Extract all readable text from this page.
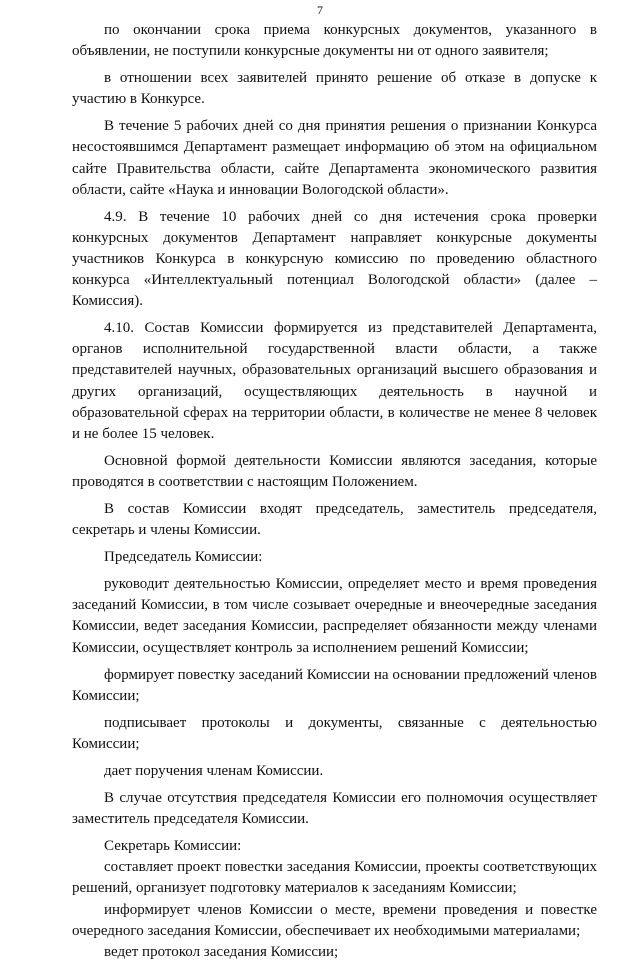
7

по окончании срока приема конкурсных документов, указанного в объявлении, не поступили конкурсные документы ни от одного заявителя;

в отношении всех заявителей принято решение об отказе в допуске к участию в Конкурсе.

В течение 5 рабочих дней со дня принятия решения о признании Конкурса несостоявшимся Департамент размещает информацию об этом на официальном сайте Правительства области, сайте Департамента экономического развития области, сайте «Наука и инновации Вологодской области».

4.9. В течение 10 рабочих дней со дня истечения срока проверки конкурсных документов Департамент направляет конкурсные документы участников Конкурса в конкурсную комиссию по проведению областного конкурса «Интеллектуальный потенциал Вологодской области» (далее – Комиссия).

4.10. Состав Комиссии формируется из представителей Департамента, органов исполнительной государственной власти области, а также представителей научных, образовательных организаций высшего образования и других организаций, осуществляющих деятельность в научной и образовательной сферах на территории области, в количестве не менее 8 человек и не более 15 человек.

Основной формой деятельности Комиссии являются заседания, которые проводятся в соответствии с настоящим Положением.

В состав Комиссии входят председатель, заместитель председателя, секретарь и члены Комиссии.

Председатель Комиссии:

руководит деятельностью Комиссии, определяет место и время проведения заседаний Комиссии, в том числе созывает очередные и внеочередные заседания Комиссии, ведет заседания Комиссии, распределяет обязанности между членами Комиссии, осуществляет контроль за исполнением решений Комиссии;

формирует повестку заседаний Комиссии на основании предложений членов Комиссии;

подписывает протоколы и документы, связанные с деятельностью Комиссии;

дает поручения членам Комиссии.

В случае отсутствия председателя Комиссии его полномочия осуществляет заместитель председателя Комиссии.

Секретарь Комиссии:

составляет проект повестки заседания Комиссии, проекты соответствующих решений, организует подготовку материалов к заседаниям Комиссии;

информирует членов Комиссии о месте, времени проведения и повестке очередного заседания Комиссии, обеспечивает их необходимыми материалами;

ведет протокол заседания Комиссии;
